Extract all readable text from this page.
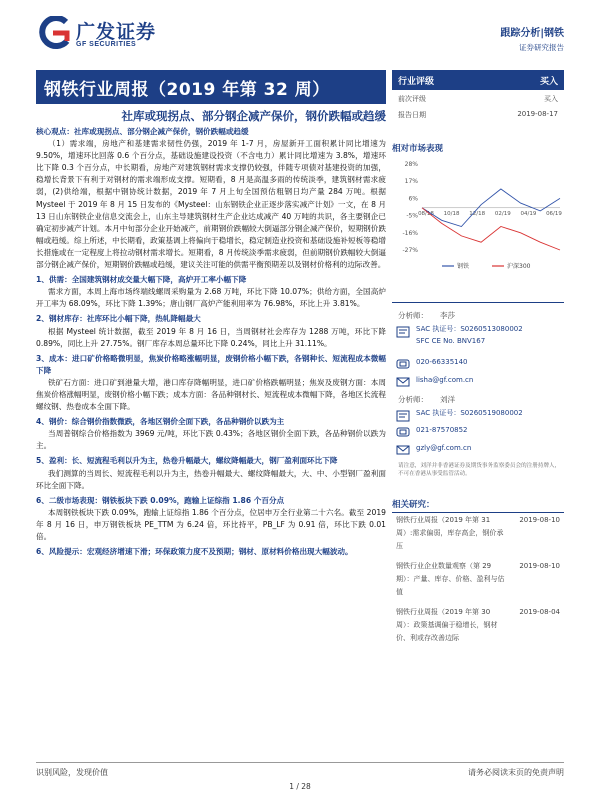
广发证券
GF SECURITIES
跟踪分析|钢铁
证券研究报告
钢铁行业周报（2019 年第 32 周）
社库或现拐点、部分钢企减产保价，钢价跌幅或趋缓
行业评级	买入
前次评级	买入
报告日期	2019-08-17

核心观点：社库或现拐点、部分钢企减产保价，钢价跌幅或趋缓

（1）需求端，房地产和基建需求韧性仍强，2019 年 1-7 月，房屋新开工面积累计同比增速为 9.50%，增速环比回落 0.6 个百分点，基础设施建设投资（不含电力）累计同比增速为 3.8%，增速环比下降 0.3 个百分点，中长期看，房地产对建筑钢材需求支撑仍较强，伴随专项债对基建投资的加强，稳增长背景下有利于对钢材的需求端形成支撑。短期看，8 月是高温多雨的传统淡季，建筑钢材需求疲弱，(2)供给端，根据中钢协统计数据，2019 年 7 月上旬全国预估粗钢日均产量 284 万吨。根据 Mysteel 于 2019 年 8 月 15 日发布的《Mysteel：山东钢铁企业正逐步落实减产计划》一文，在 8 月 13 日山东钢铁企业信息交流会上，山东主导建筑钢材生产企业达成减产 40 万吨的共识，各主要钢企已确定初步减产计划。本月中旬部分企业开始减产，前期钢价跌幅较大倒逼部分钢企减产保价，短期钢价跌幅或趋缓。综上所述，中长期看，政策基调上将偏向于稳增长，稳定制造业投资和基础设施补短板等稳增长措施或在一定程度上将拉动钢材需求增长。短期看，8 月传统淡季需求疲弱，但前期钢价跌幅较大倒逼部分钢企减产保价，短期钢价跌幅或趋缓，建议关注可能的供需平衡预期差以及钢材价格利的边际改善。

1、供需：全国建筑钢材成交量大幅下降，高炉开工率小幅下降

需求方面，本周上海市场终端线螺周采购量为 2.68 万吨，环比下降 10.07%；供给方面，全国高炉开工率为 68.09%，环比下降 1.39%；唐山钢厂高炉产能利用率为 76.98%，环比上升 3.81%。

2、钢材库存：社库环比小幅下降，热轧降幅最大

根据 Mysteel 统计数据，截至 2019 年 8 月 16 日，当周钢材社会库存为 1288 万吨，环比下降 0.89%，同比上升 27.75%。钢厂库存本周总量环比下降 0.24%，同比上升 31.11%。

3、成本：进口矿价格略微明显，焦炭价格略涨幅明显，废钢价格小幅下跌，各钢种长、短流程成本微幅下降

铁矿石方面：进口矿到港量大增，港口库存降幅明显，进口矿价格跌幅明显；焦炭及废钢方面：本周焦炭价格涨幅明显，废钢价格小幅下跌；成本方面：各品种钢材长、短流程成本微幅下降，各地区长流程螺纹钢、热卷成本全面下降。

4、钢价：综合钢价指数微跌，各地区钢价全面下跌，各品种钢价以跌为主

当周普钢综合价格指数为 3969 元/吨，环比下跌 0.43%；各地区钢价全面下跌，各品种钢价以跌为主。

5、盈利：长、短流程毛利以升为主，热卷升幅最大，螺纹降幅最大，钢厂盈利面环比下降

我们测算的当周长、短流程毛利以升为主，热卷升幅最大、螺纹降幅最大，大、中、小型钢厂盈利面环比全面下降。

6、二级市场表现：钢铁板块下跌 0.09%，跑输上证综指 1.86 个百分点

本周钢铁板块下跌 0.09%，跑输上证综指 1.86 个百分点，位居申万全行业第二十六名。截至 2019 年 8 月 16 日，申万钢铁板块 PE_TTM 为 6.24 倍，环比持平，PB_LF 为 0.91 倍，环比下跌 0.01 倍。

6、风险提示：宏观经济增速下滑；环保政策力度不及预期；钢材、原材料价格出现大幅波动。

相对市场表现
28%
17%
6%
-5%
-16%
-27%
08/18 10/18 12/18 02/19 04/19 06/19
钢铁	沪深300
分析师： 李莎
SAC 执证号：S0260513080002
SFC CE No. BNV167
020-66335140
lisha@gf.com.cn
分析师： 刘洋
SAC 执证号：S0260519080002
021-87570852
gzly@gf.com.cn
请注意，刘洋并非香港证券及期货事务监察委员会的注册持牌人，不可在香港从事受监管活动。
相关研究：
钢铁行业周报（2019 年第 31 周）:需求偏弱，库存高企，钢价承压
2019-08-10
钢铁行业企业数量观察（第 29 期）：产量、库存、价格、盈利与估值
2019-08-10
钢铁行业周报（2019 年第 30 周）：政策基调偏于稳增长，钢材价、利或存改善边际
2019-08-04
识别风险，发现价值	请务必阅读末页的免责声明
1 / 28
